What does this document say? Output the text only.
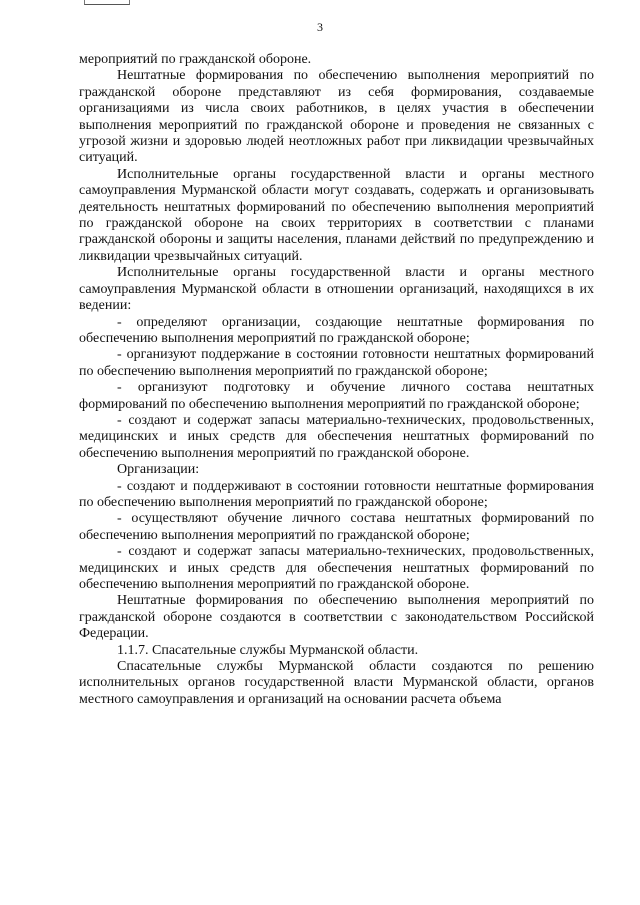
3

мероприятий по гражданской обороне.

Нештатные формирования по обеспечению выполнения мероприятий по гражданской обороне представляют из себя формирования, создаваемые организациями из числа своих работников, в целях участия в обеспечении выполнения мероприятий по гражданской обороне и проведения не связанных с угрозой жизни и здоровью людей неотложных работ при ликвидации чрезвычайных ситуаций.

Исполнительные органы государственной власти и органы местного самоуправления Мурманской области могут создавать, содержать и организовывать деятельность нештатных формирований по обеспечению выполнения мероприятий по гражданской обороне на своих территориях в соответствии с планами гражданской обороны и защиты населения, планами действий по предупреждению и ликвидации чрезвычайных ситуаций.

Исполнительные органы государственной власти и органы местного самоуправления Мурманской области в отношении организаций, находящихся в их ведении:

- определяют организации, создающие нештатные формирования по обеспечению выполнения мероприятий по гражданской обороне;

- организуют поддержание в состоянии готовности нештатных формирований по обеспечению выполнения мероприятий по гражданской обороне;

- организуют подготовку и обучение личного состава нештатных формирований по обеспечению выполнения мероприятий по гражданской обороне;

- создают и содержат запасы материально-технических, продовольственных, медицинских и иных средств для обеспечения нештатных формирований по обеспечению выполнения мероприятий по гражданской обороне.

Организации:

- создают и поддерживают в состоянии готовности нештатные формирования по обеспечению выполнения мероприятий по гражданской обороне;

- осуществляют обучение личного состава нештатных формирований по обеспечению выполнения мероприятий по гражданской обороне;

- создают и содержат запасы материально-технических, продовольственных, медицинских и иных средств для обеспечения нештатных формирований по обеспечению выполнения мероприятий по гражданской обороне.

Нештатные формирования по обеспечению выполнения мероприятий по гражданской обороне создаются в соответствии с законодательством Российской Федерации.

1.1.7. Спасательные службы Мурманской области.

Спасательные службы Мурманской области создаются по решению исполнительных органов государственной власти Мурманской области, органов местного самоуправления и организаций на основании расчета объема
